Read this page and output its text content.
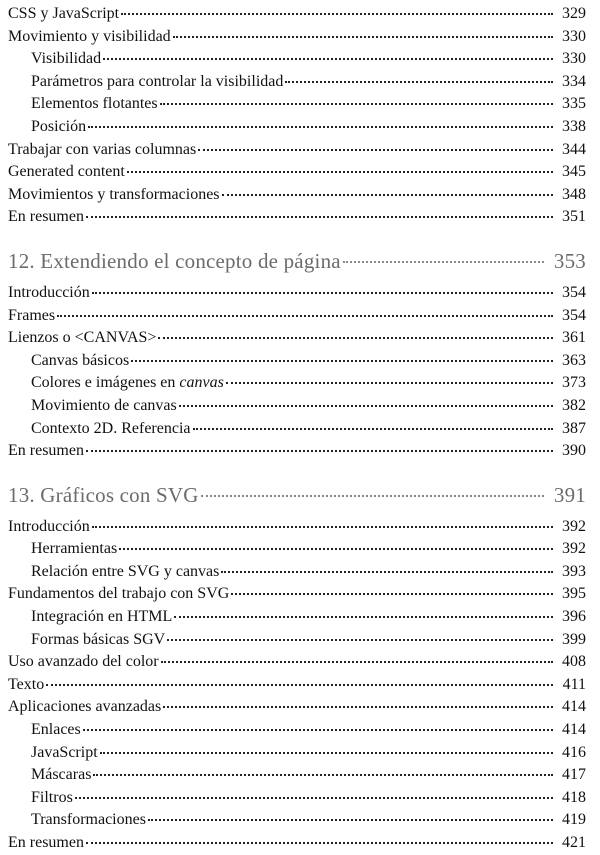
CSS y JavaScript	329
Movimiento y visibilidad	330
Visibilidad	330
Parámetros para controlar la visibilidad	334
Elementos flotantes	335
Posición	338
Trabajar con varias columnas	344
Generated content	345
Movimientos y transformaciones	348
En resumen	351
12. Extendiendo el concepto de página	353
Introducción	354
Frames	354
Lienzos o <CANVAS>	361
Canvas básicos	363
Colores e imágenes en canvas	373
Movimiento de canvas	382
Contexto 2D. Referencia	387
En resumen	390
13. Gráficos con SVG	391
Introducción	392
Herramientas	392
Relación entre SVG y canvas	393
Fundamentos del trabajo con SVG	395
Integración en HTML	396
Formas básicas SGV	399
Uso avanzado del color	408
Texto	411
Aplicaciones avanzadas	414
Enlaces	414
JavaScript	416
Máscaras	417
Filtros	418
Transformaciones	419
En resumen	421
